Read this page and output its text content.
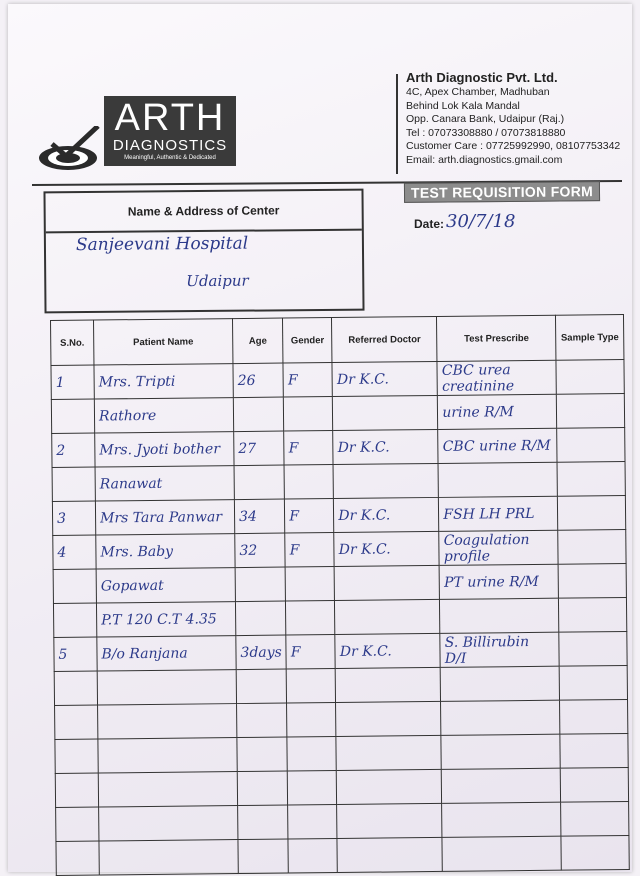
ARTH
DIAGNOSTICS
Meaningful, Authentic & Dedicated
Arth Diagnostic Pvt. Ltd.
4C, Apex Chamber, Madhuban
Behind Lok Kala Mandal
Opp. Canara Bank, Udaipur (Raj.)
Tel : 07073308880 / 07073818880
Customer Care : 07725992990, 08107753342
Email: arth.diagnostics.gmail.com
Name & Address of Center
Sanjeevani Hospital
Udaipur
TEST REQUISITION FORM
Date: 30/7/18
S.No.	Patient Name	Age	Gender	Referred Doctor	Test Prescribe	Sample Type
1	Mrs. Tripti	26	F	Dr K.C.	CBC urea creatinine	
	Rathore				urine R/M	
2	Mrs. Jyoti bother	27	F	Dr K.C.	CBC urine R/M	
	Ranawat					
3	Mrs Tara Panwar	34	F	Dr K.C.	FSH LH PRL	
4	Mrs. Baby	32	F	Dr K.C.	Coagulation profile	
	Gopawat				PT urine R/M	
	P.T 120 C.T 4.35					
5	B/o Ranjana	3days	F	Dr K.C.	S. Billirubin D/I	
